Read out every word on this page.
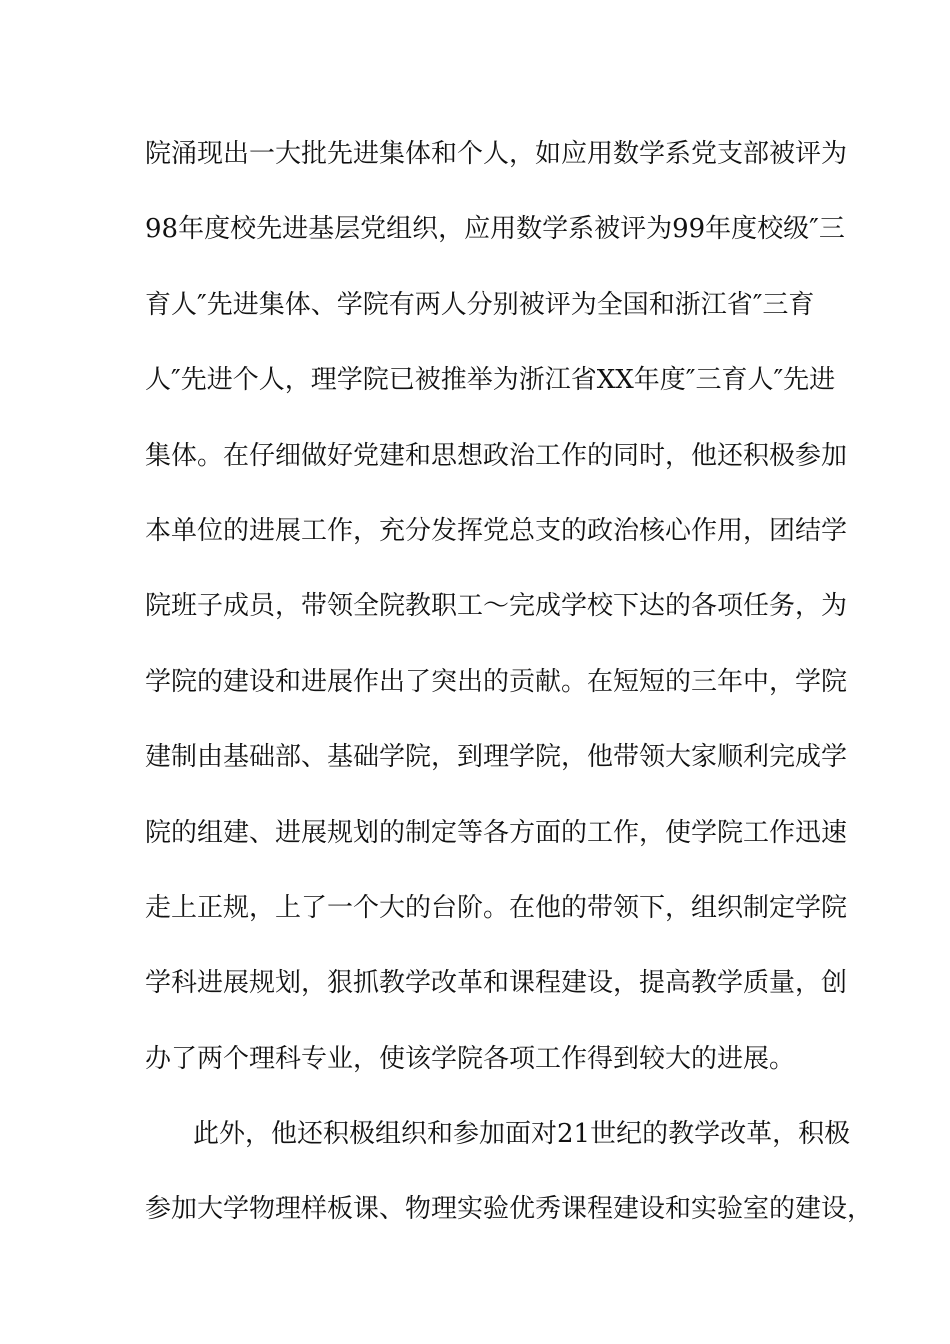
院涌现出一大批先进集体和个人，如应用数学系党支部被评为
98年度校先进基层党组织，应用数学系被评为99年度校级″三
育人″先进集体、学院有两人分别被评为全国和浙江省″三育
人″先进个人，理学院已被推举为浙江省XX年度″三育人″先进
集体。在仔细做好党建和思想政治工作的同时，他还积极参加
本单位的进展工作，充分发挥党总支的政治核心作用，团结学
院班子成员，带领全院教职工～完成学校下达的各项任务，为
学院的建设和进展作出了突出的贡献。在短短的三年中，学院
建制由基础部、基础学院，到理学院，他带领大家顺利完成学
院的组建、进展规划的制定等各方面的工作，使学院工作迅速
走上正规，上了一个大的台阶。在他的带领下，组织制定学院
学科进展规划，狠抓教学改革和课程建设，提高教学质量，创
办了两个理科专业，使该学院各项工作得到较大的进展。
此外，他还积极组织和参加面对21世纪的教学改革，积极
参加大学物理样板课、物理实验优秀课程建设和实验室的建设，
